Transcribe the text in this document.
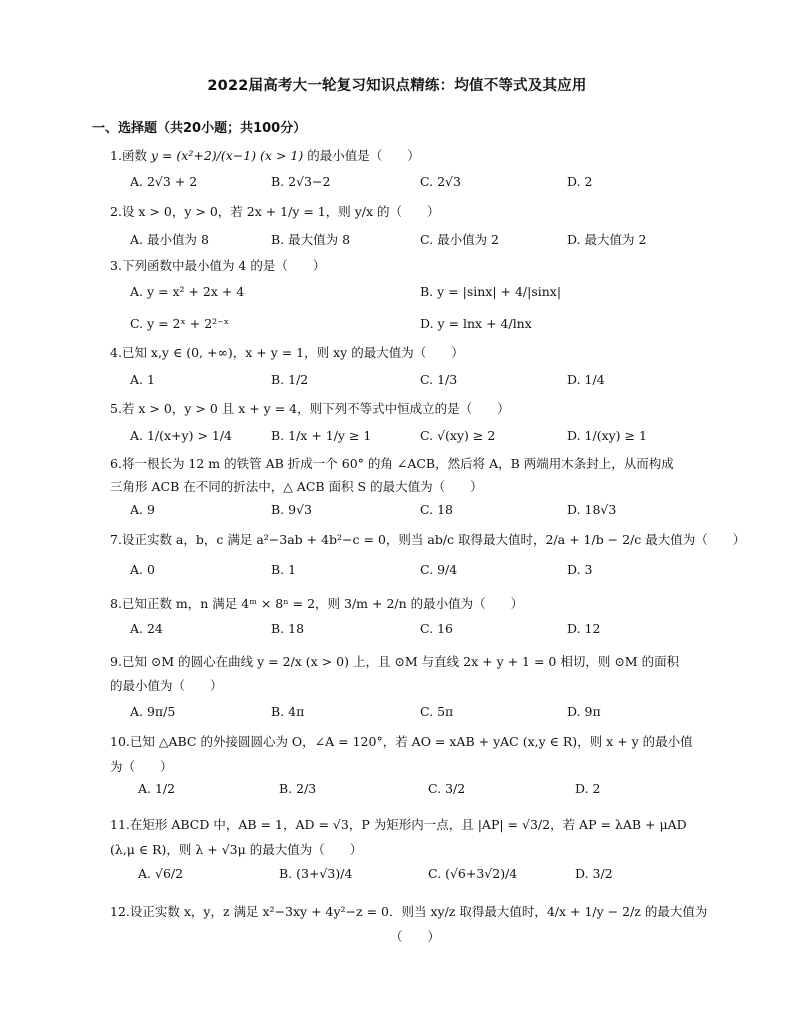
2022届高考大一轮复习知识点精练：均值不等式及其应用
一、选择题（共20小题；共100分）
1.函数 y = (x²+2)/(x−1) (x > 1) 的最小值是（　　）
A. 2√3 + 2	B. 2√3−2	C. 2√3	D. 2
2.设 x > 0，y > 0，若 2x + 1/y = 1，则 y/x 的（　　）
A. 最小值为 8	B. 最大值为 8	C. 最小值为 2	D. 最大值为 2
3.下列函数中最小值为 4 的是（　　）
A. y = x² + 2x + 4	B. y = |sinx| + 4/|sinx|
C. y = 2ˣ + 2²⁻ˣ	D. y = lnx + 4/lnx
4.已知 x,y ∈ (0, +∞)，x + y = 1，则 xy 的最大值为（　　）
A. 1	B. 1/2	C. 1/3	D. 1/4
5.若 x > 0，y > 0 且 x + y = 4，则下列不等式中恒成立的是（　　）
A. 1/(x+y) > 1/4	B. 1/x + 1/y ≥ 1	C. √(xy) ≥ 2	D. 1/(xy) ≥ 1
6.将一根长为 12 m 的铁管 AB 折成一个 60° 的角 ∠ACB，然后将 A，B 两端用木条封上，从而构成
三角形 ACB 在不同的折法中，△ ACB 面积 S 的最大值为（　　）
A. 9	B. 9√3	C. 18	D. 18√3
7.设正实数 a，b，c 满足 a²−3ab + 4b²−c = 0，则当 ab/c 取得最大值时，2/a + 1/b − 2/c 最大值为（　　）
A. 0	B. 1	C. 9/4	D. 3
8.已知正数 m，n 满足 4ᵐ × 8ⁿ = 2，则 3/m + 2/n 的最小值为（　　）
A. 24	B. 18	C. 16	D. 12
9.已知 ⊙M 的圆心在曲线 y = 2/x (x > 0) 上，且 ⊙M 与直线 2x + y + 1 = 0 相切，则 ⊙M 的面积
的最小值为（　　）
A. 9π/5	B. 4π	C. 5π	D. 9π
10.已知 △ABC 的外接圆圆心为 O，∠A = 120°，若 AO = xAB + yAC (x,y ∈ R)，则 x + y 的最小值
为（　　）
A. 1/2	B. 2/3	C. 3/2	D. 2
11.在矩形 ABCD 中，AB = 1，AD = √3，P 为矩形内一点，且 |AP| = √3/2，若 AP = λAB + μAD
(λ,μ ∈ R)，则 λ + √3μ 的最大值为（　　）
A. √6/2	B. (3+√3)/4	C. (√6+3√2)/4	D. 3/2
12.设正实数 x，y，z 满足 x²−3xy + 4y²−z = 0．则当 xy/z 取得最大值时，4/x + 1/y − 2/z 的最大值为
（　　）
